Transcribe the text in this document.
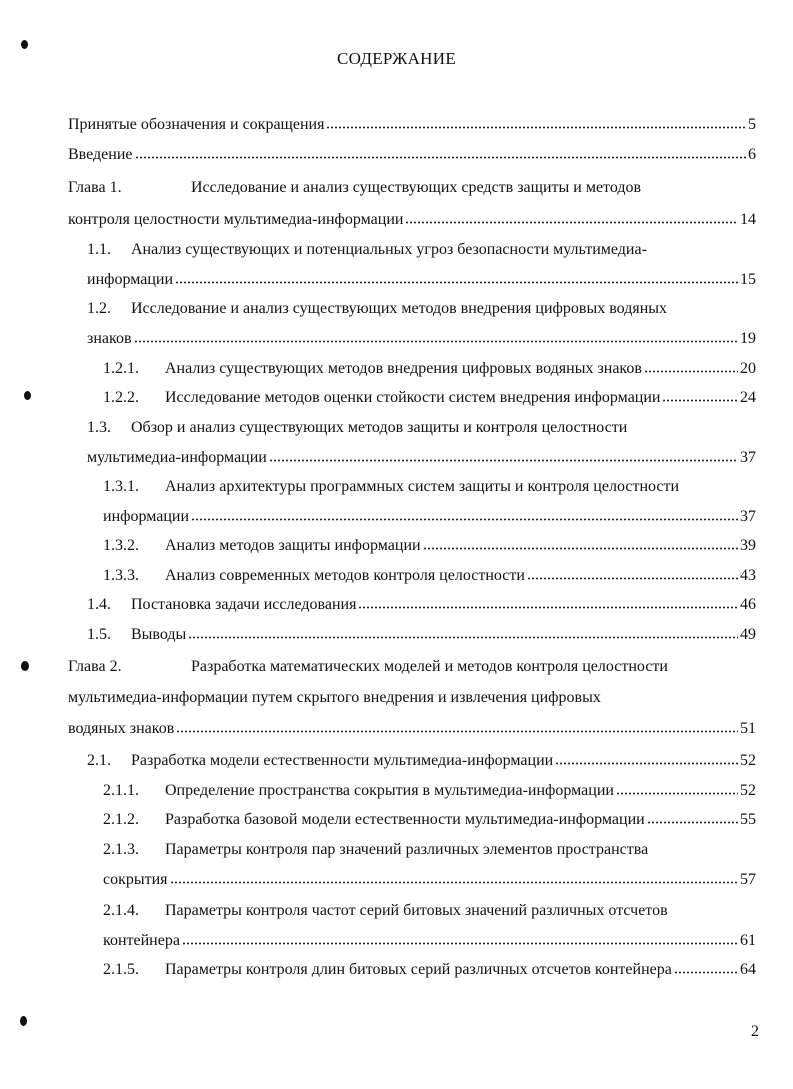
СОДЕРЖАНИЕ
Принятые обозначения и сокращения	5
Введение	6
Глава 1.	Исследование и анализ существующих средств защиты и методов
контроля целостности мультимедиа-информации	14
1.1. Анализ существующих и потенциальных угроз безопасности мультимедиа-
информации	15
1.2. Исследование и анализ существующих методов внедрения цифровых водяных
знаков	19
1.2.1.	Анализ существующих методов внедрения цифровых водяных знаков	20
1.2.2.	Исследование методов оценки стойкости систем внедрения информации	24
1.3. Обзор и анализ существующих методов защиты и контроля целостности
мультимедиа-информации	37
1.3.1. Анализ архитектуры программных систем защиты и контроля целостности
информации	37
1.3.2.	Анализ методов защиты информации	39
1.3.3.	Анализ современных методов контроля целостности	43
1.4.	Постановка задачи исследования	46
1.5.	Выводы	49
Глава 2.	Разработка математических моделей и методов контроля целостности
мультимедиа-информации путем скрытого внедрения и извлечения цифровых
водяных знаков	51
2.1.	Разработка модели естественности мультимедиа-информации	52
2.1.1.	Определение пространства сокрытия в мультимедиа-информации	52
2.1.2.	Разработка базовой модели естественности мультимедиа-информации	55
2.1.3. Параметры контроля пар значений различных элементов пространства
сокрытия	57
2.1.4. Параметры контроля частот серий битовых значений различных отсчетов
контейнера	61
2.1.5.	Параметры контроля длин битовых серий различных отсчетов контейнера	64
2
